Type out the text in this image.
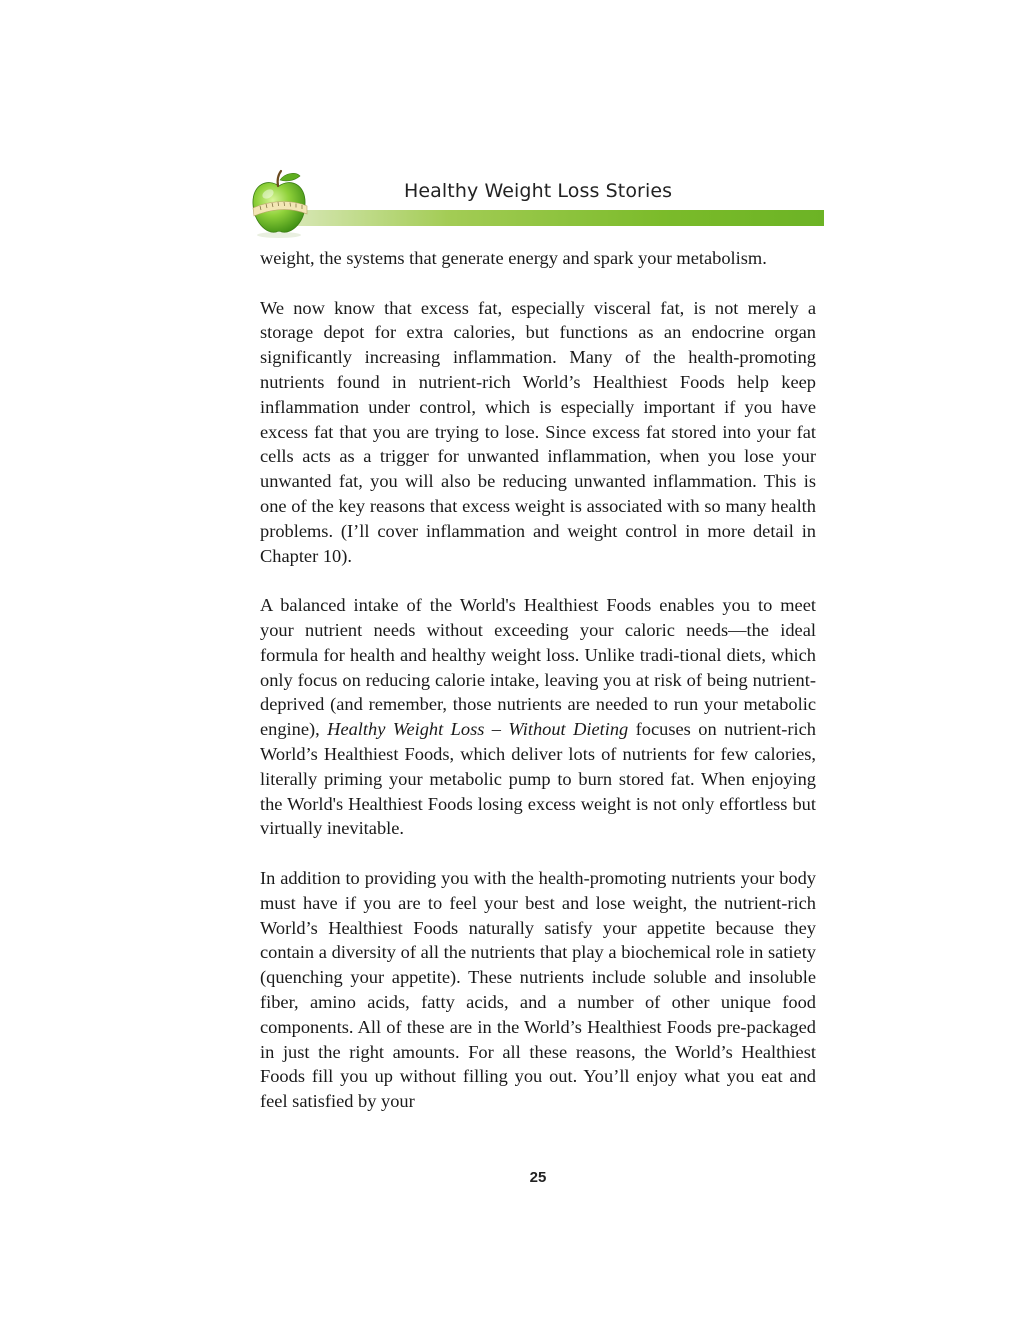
Healthy Weight Loss Stories

weight, the systems that generate energy and spark your metabolism.

We now know that excess fat, especially visceral fat, is not merely a storage depot for extra calories, but functions as an endocrine organ significantly increasing inflammation. Many of the health-promoting nutrients found in nutrient-rich World’s Healthiest Foods help keep inflammation under control, which is especially important if you have excess fat that you are trying to lose. Since excess fat stored into your fat cells acts as a trigger for unwanted inflammation, when you lose your unwanted fat, you will also be reducing unwanted inflammation. This is one of the key reasons that excess weight is associated with so many health problems. (I’ll cover inflammation and weight control in more detail in Chapter 10).

A balanced intake of the World's Healthiest Foods enables you to meet your nutrient needs without exceeding your caloric needs—the ideal formula for health and healthy weight loss. Unlike tradi-tional diets, which only focus on reducing calorie intake, leaving you at risk of being nutrient-deprived (and remember, those nutrients are needed to run your metabolic engine), Healthy Weight Loss – Without Dieting focuses on nutrient-rich World’s Healthiest Foods, which deliver lots of nutrients for few calories, literally priming your metabolic pump to burn stored fat. When enjoying the World's Healthiest Foods losing excess weight is not only effortless but virtually inevitable.

In addition to providing you with the health-promoting nutrients your body must have if you are to feel your best and lose weight, the nutrient-rich World’s Healthiest Foods naturally satisfy your appetite because they contain a diversity of all the nutrients that play a biochemical role in satiety (quenching your appetite). These nutrients include soluble and insoluble fiber, amino acids, fatty acids, and a number of other unique food components. All of these are in the World’s Healthiest Foods pre-packaged in just the right amounts. For all these reasons, the World’s Healthiest Foods fill you up without filling you out. You’ll enjoy what you eat and feel satisfied by your

25
